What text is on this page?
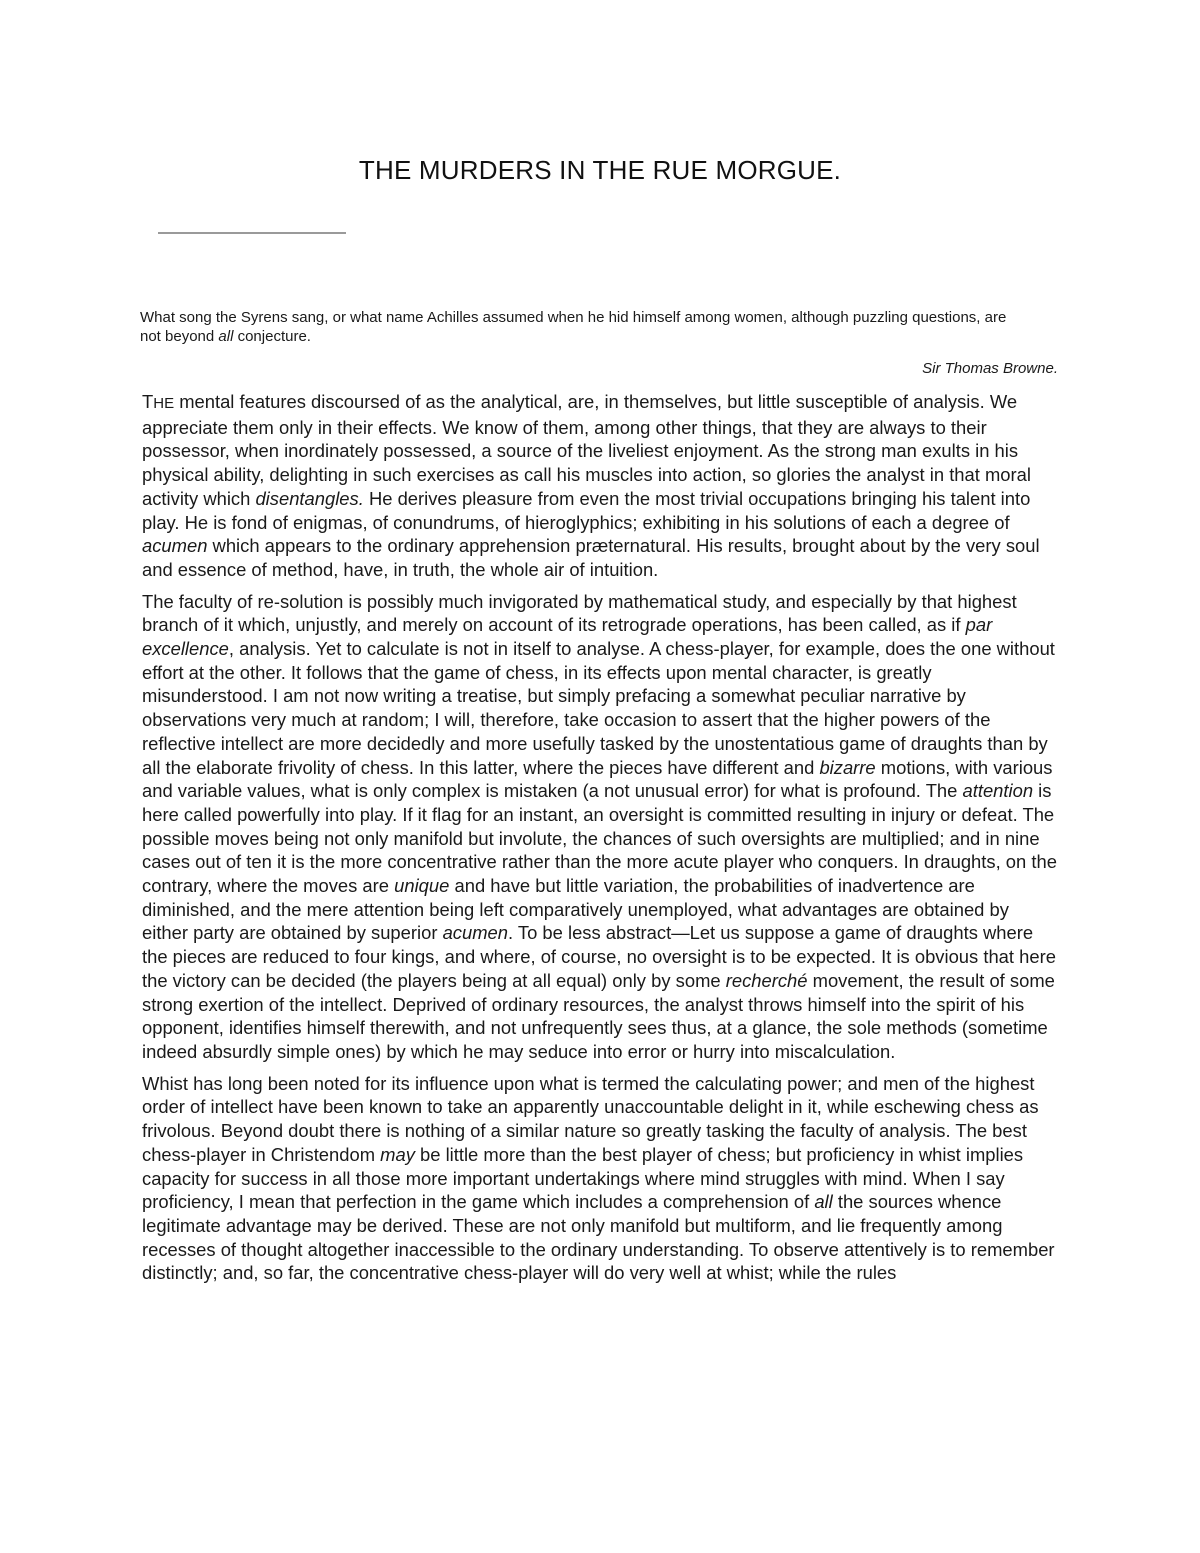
THE MURDERS IN THE RUE MORGUE.

What song the Syrens sang, or what name Achilles assumed when he hid himself among women, although puzzling questions, are not beyond all conjecture.

Sir Thomas Browne.

THE mental features discoursed of as the analytical, are, in themselves, but little susceptible of analysis. We appreciate them only in their effects. We know of them, among other things, that they are always to their possessor, when inordinately possessed, a source of the liveliest enjoyment. As the strong man exults in his physical ability, delighting in such exercises as call his muscles into action, so glories the analyst in that moral activity which disentangles. He derives pleasure from even the most trivial occupations bringing his talent into play. He is fond of enigmas, of conundrums, of hieroglyphics; exhibiting in his solutions of each a degree of acumen which appears to the ordinary apprehension præternatural. His results, brought about by the very soul and essence of method, have, in truth, the whole air of intuition.

The faculty of re-solution is possibly much invigorated by mathematical study, and especially by that highest branch of it which, unjustly, and merely on account of its retrograde operations, has been called, as if par excellence, analysis. Yet to calculate is not in itself to analyse. A chess-player, for example, does the one without effort at the other. It follows that the game of chess, in its effects upon mental character, is greatly misunderstood. I am not now writing a treatise, but simply prefacing a somewhat peculiar narrative by observations very much at random; I will, therefore, take occasion to assert that the higher powers of the reflective intellect are more decidedly and more usefully tasked by the unostentatious game of draughts than by all the elaborate frivolity of chess. In this latter, where the pieces have different and bizarre motions, with various and variable values, what is only complex is mistaken (a not unusual error) for what is profound. The attention is here called powerfully into play. If it flag for an instant, an oversight is committed resulting in injury or defeat. The possible moves being not only manifold but involute, the chances of such oversights are multiplied; and in nine cases out of ten it is the more concentrative rather than the more acute player who conquers. In draughts, on the contrary, where the moves are unique and have but little variation, the probabilities of inadvertence are diminished, and the mere attention being left comparatively unemployed, what advantages are obtained by either party are obtained by superior acumen. To be less abstract—Let us suppose a game of draughts where the pieces are reduced to four kings, and where, of course, no oversight is to be expected. It is obvious that here the victory can be decided (the players being at all equal) only by some recherché movement, the result of some strong exertion of the intellect. Deprived of ordinary resources, the analyst throws himself into the spirit of his opponent, identifies himself therewith, and not unfrequently sees thus, at a glance, the sole methods (sometime indeed absurdly simple ones) by which he may seduce into error or hurry into miscalculation.

Whist has long been noted for its influence upon what is termed the calculating power; and men of the highest order of intellect have been known to take an apparently unaccountable delight in it, while eschewing chess as frivolous. Beyond doubt there is nothing of a similar nature so greatly tasking the faculty of analysis. The best chess-player in Christendom may be little more than the best player of chess; but proficiency in whist implies capacity for success in all those more important undertakings where mind struggles with mind. When I say proficiency, I mean that perfection in the game which includes a comprehension of all the sources whence legitimate advantage may be derived. These are not only manifold but multiform, and lie frequently among recesses of thought altogether inaccessible to the ordinary understanding. To observe attentively is to remember distinctly; and, so far, the concentrative chess-player will do very well at whist; while the rules
